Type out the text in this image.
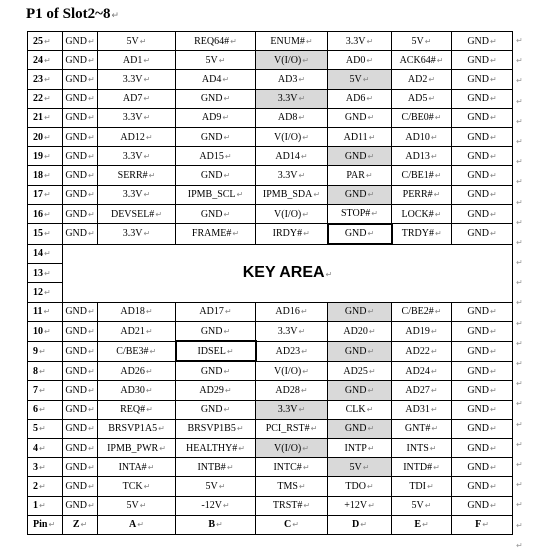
P1 of Slot2~8↵
25↵	GND↵	5V↵	REQ64#↵	ENUM#↵	3.3V↵	5V↵	GND↵
24↵	GND↵	AD1↵	5V↵	V(I/O)↵	AD0↵	ACK64#↵	GND↵
23↵	GND↵	3.3V↵	AD4↵	AD3↵	5V↵	AD2↵	GND↵
22↵	GND↵	AD7↵	GND↵	3.3V↵	AD6↵	AD5↵	GND↵
21↵	GND↵	3.3V↵	AD9↵	AD8↵	GND↵	C/BE0#↵	GND↵
20↵	GND↵	AD12↵	GND↵	V(I/O)↵	AD11↵	AD10↵	GND↵
19↵	GND↵	3.3V↵	AD15↵	AD14↵	GND↵	AD13↵	GND↵
18↵	GND↵	SERR#↵	GND↵	3.3V↵	PAR↵	C/BE1#↵	GND↵
17↵	GND↵	3.3V↵	IPMB_SCL↵	IPMB_SDA↵	GND↵	PERR#↵	GND↵
16↵	GND↵	DEVSEL#↵	GND↵	V(I/O)↵	STOP#↵	LOCK#↵	GND↵
15↵	GND↵	3.3V↵	FRAME#↵	IRDY#↵	GND↵	TRDY#↵	GND↵
14↵	KEY AREA↵						
13↵							
12↵							
11↵	GND↵	AD18↵	AD17↵	AD16↵	GND↵	C/BE2#↵	GND↵
10↵	GND↵	AD21↵	GND↵	3.3V↵	AD20↵	AD19↵	GND↵
9↵	GND↵	C/BE3#↵	IDSEL↵	AD23↵	GND↵	AD22↵	GND↵
8↵	GND↵	AD26↵	GND↵	V(I/O)↵	AD25↵	AD24↵	GND↵
7↵	GND↵	AD30↵	AD29↵	AD28↵	GND↵	AD27↵	GND↵
6↵	GND↵	REQ#↵	GND↵	3.3V↵	CLK↵	AD31↵	GND↵
5↵	GND↵	BRSVP1A5↵	BRSVP1B5↵	PCI_RST#↵	GND↵	GNT#↵	GND↵
4↵	GND↵	IPMB_PWR↵	HEALTHY#↵	V(I/O)↵	INTP↵	INTS↵	GND↵
3↵	GND↵	INTA#↵	INTB#↵	INTC#↵	5V↵	INTD#↵	GND↵
2↵	GND↵	TCK↵	5V↵	TMS↵	TDO↵	TDI↵	GND↵
1↵	GND↵	5V↵	-12V↵	TRST#↵	+12V↵	5V↵	GND↵
Pin↵	Z↵	A↵	B↵	C↵	D↵	E↵	F↵
↵
↵
↵
↵
↵
↵
↵
↵
↵
↵
↵
↵
↵
↵
↵
↵
↵
↵
↵
↵
↵
↵
↵
↵
↵
↵
